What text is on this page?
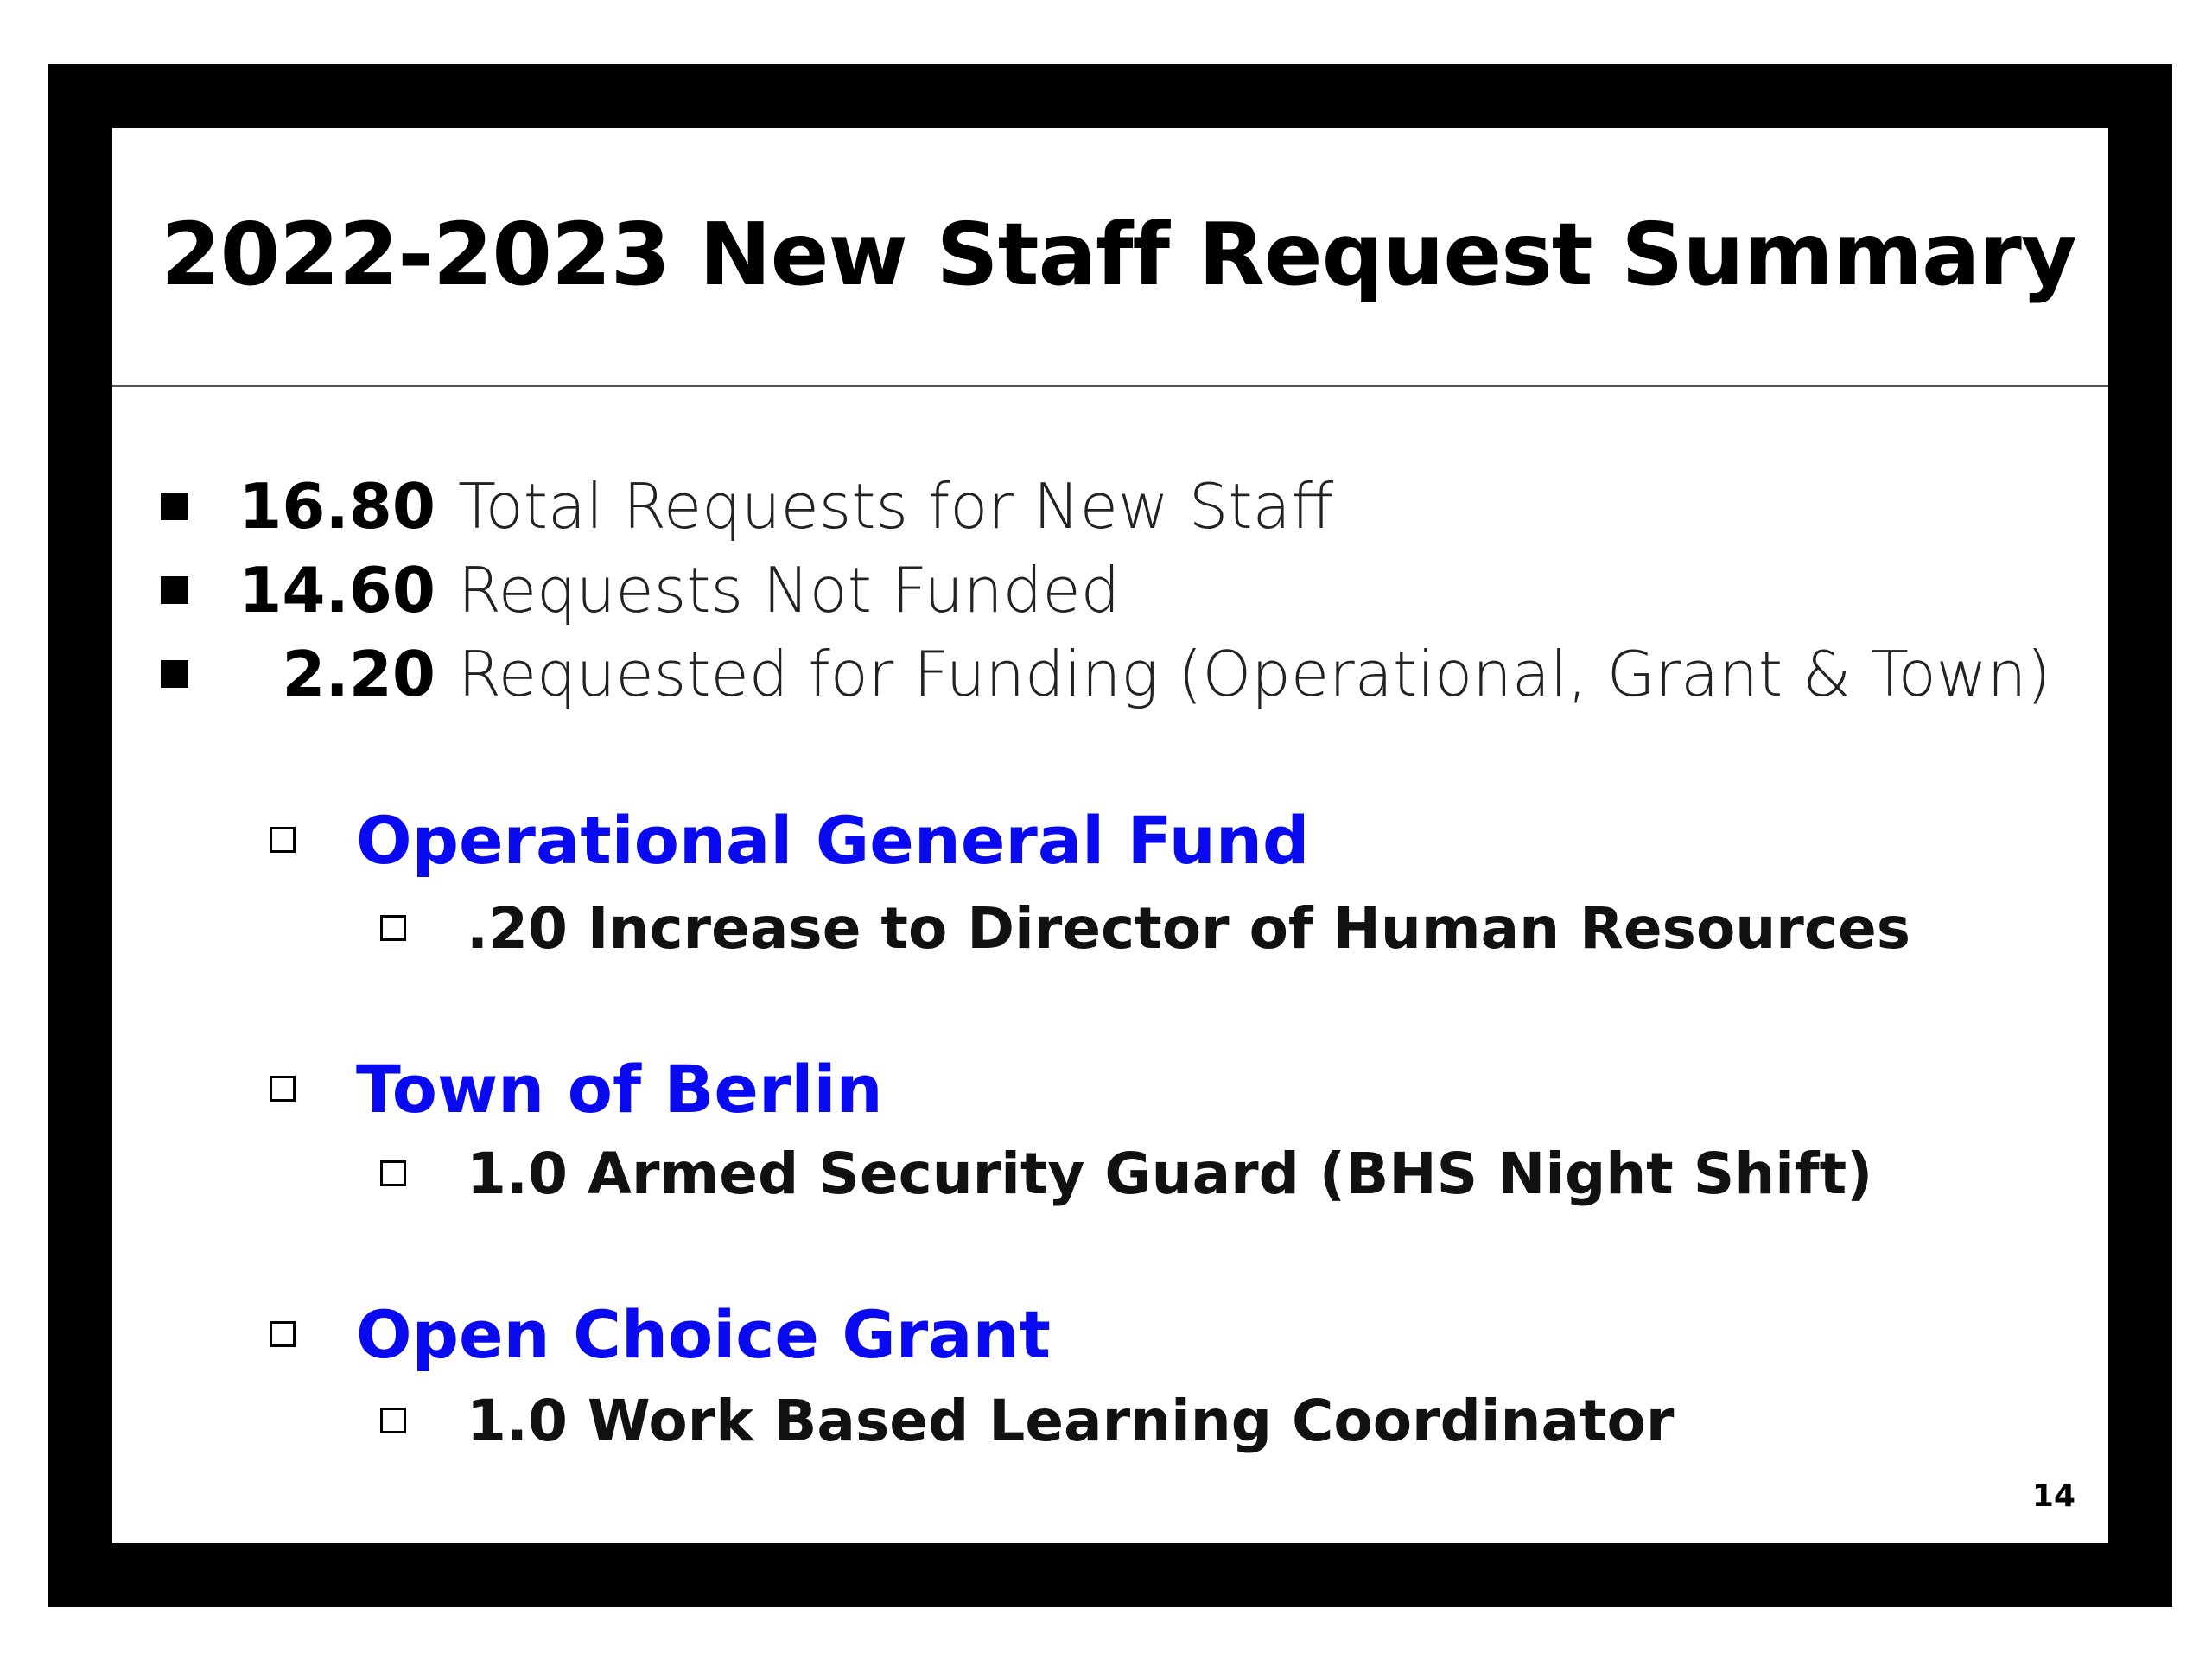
2022-2023 New Staff Request Summary
16.80 Total Requests for New Staff
14.60 Requests Not Funded
2.20 Requested for Funding (Operational, Grant & Town)
Operational General Fund
.20 Increase to Director of Human Resources
Town of Berlin
1.0 Armed Security Guard (BHS Night Shift)
Open Choice Grant
1.0 Work Based Learning Coordinator
14
